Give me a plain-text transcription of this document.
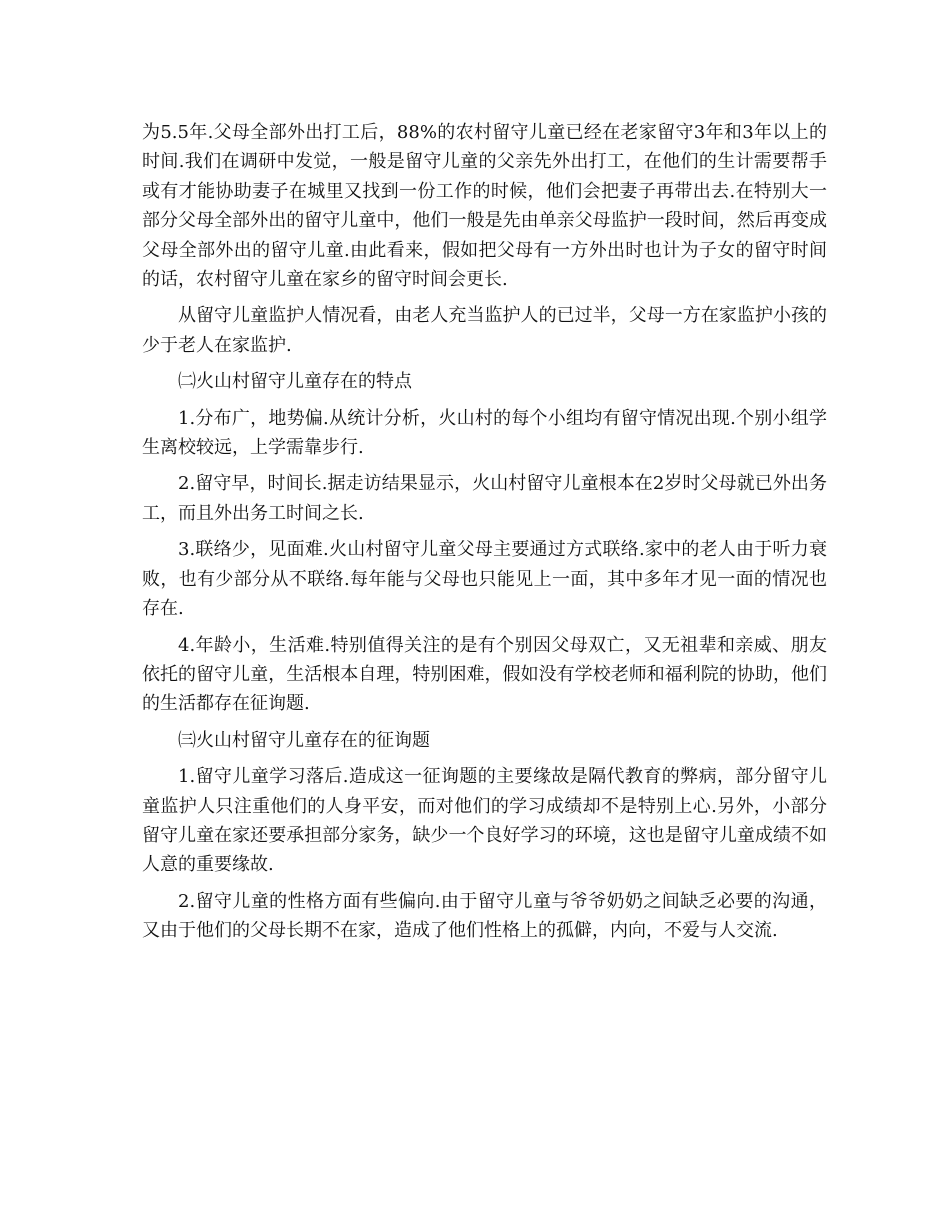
为5.5年.父母全部外出打工后，88%的农村留守儿童已经在老家留守3年和3年以上的时间.我们在调研中发觉，一般是留守儿童的父亲先外出打工，在他们的生计需要帮手或有才能协助妻子在城里又找到一份工作的时候，他们会把妻子再带出去.在特别大一部分父母全部外出的留守儿童中，他们一般是先由单亲父母监护一段时间，然后再变成父母全部外出的留守儿童.由此看来，假如把父母有一方外出时也计为子女的留守时间的话，农村留守儿童在家乡的留守时间会更长.

从留守儿童监护人情况看，由老人充当监护人的已过半，父母一方在家监护小孩的少于老人在家监护.

㈡火山村留守儿童存在的特点

1.分布广，地势偏.从统计分析，火山村的每个小组均有留守情况出现.个别小组学生离校较远，上学需靠步行.

2.留守早，时间长.据走访结果显示，火山村留守儿童根本在2岁时父母就已外出务工，而且外出务工时间之长.

3.联络少，见面难.火山村留守儿童父母主要通过方式联络.家中的老人由于听力衰败，也有少部分从不联络.每年能与父母也只能见上一面，其中多年才见一面的情况也存在.

4.年龄小，生活难.特别值得关注的是有个别因父母双亡，又无祖辈和亲威、朋友依托的留守儿童，生活根本自理，特别困难，假如没有学校老师和福利院的协助，他们的生活都存在征询题.

㈢火山村留守儿童存在的征询题

1.留守儿童学习落后.造成这一征询题的主要缘故是隔代教育的弊病，部分留守儿童监护人只注重他们的人身平安，而对他们的学习成绩却不是特别上心.另外，小部分留守儿童在家还要承担部分家务，缺少一个良好学习的环境，这也是留守儿童成绩不如人意的重要缘故.

2.留守儿童的性格方面有些偏向.由于留守儿童与爷爷奶奶之间缺乏必要的沟通，又由于他们的父母长期不在家，造成了他们性格上的孤僻，内向，不爱与人交流.
